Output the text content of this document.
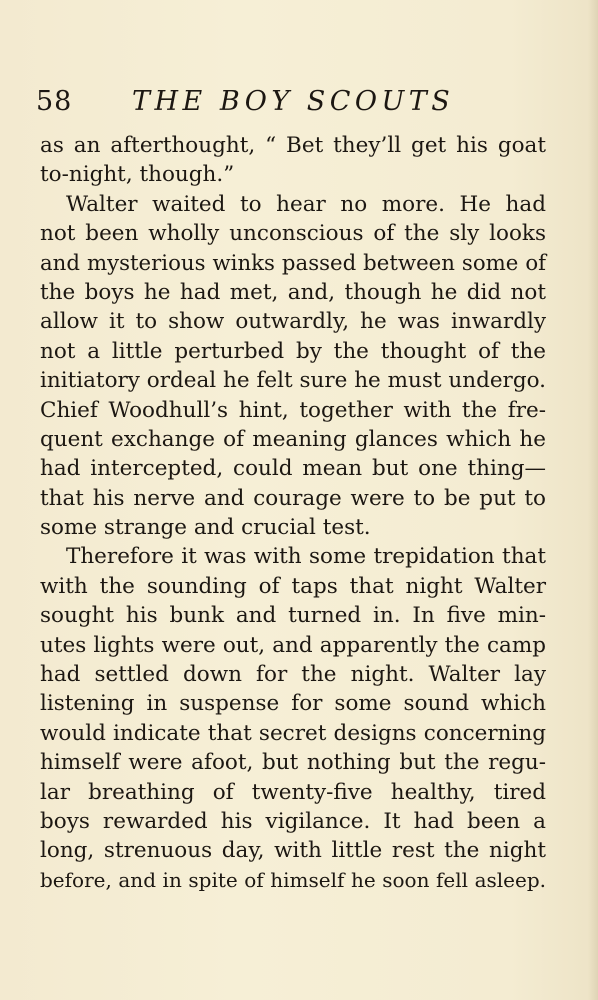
58 THE BOY SCOUTS
as an afterthought, “ Bet they’ll get his goat
to-night, though.”
Walter waited to hear no more. He had
not been wholly unconscious of the sly looks
and mysterious winks passed between some of
the boys he had met, and, though he did not
allow it to show outwardly, he was inwardly
not a little perturbed by the thought of the
initiatory ordeal he felt sure he must undergo.
Chief Woodhull’s hint, together with the fre-
quent exchange of meaning glances which he
had intercepted, could mean but one thing—
that his nerve and courage were to be put to
some strange and crucial test.
Therefore it was with some trepidation that
with the sounding of taps that night Walter
sought his bunk and turned in. In five min-
utes lights were out, and apparently the camp
had settled down for the night. Walter lay
listening in suspense for some sound which
would indicate that secret designs concerning
himself were afoot, but nothing but the regu-
lar breathing of twenty-five healthy, tired
boys rewarded his vigilance. It had been a
long, strenuous day, with little rest the night
before, and in spite of himself he soon fell asleep.
